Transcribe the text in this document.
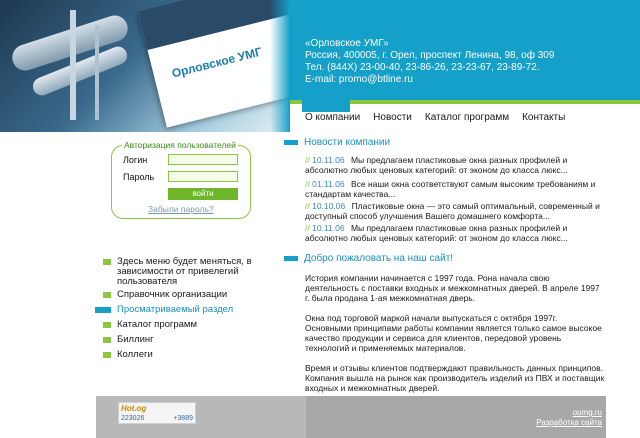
Орловское УМГ
«Орловское УМГ»
Россия, 400005, г. Орел, проспект Ленина, 98, оф 309
Тел. (844X) 23-00-40, 23-86-26, 23-23-67, 23-89-72.
E-mail: promo@btline.ru
О компании Новости Каталог программ Контакты
Авторизация пользователей
Логин
Пароль
войти
Забыли пароль?
Здесь меню будет меняться, в зависимости от привелегий пользователя
Справочник организации
Просматриваемый раздел
Каталог программ
Биллинг
Коллеги
Новости компании
// 10.11.06 Мы предлагаем пластиковые окна разных профилей и абсолютно любых ценовых категорий: от эконом до класса люкс...
// 01.11.06 Все наши окна соответствуют самым высоким требованиям и стандартам качества...
// 10.10.06 Пластиковые окна — это самый оптимальный, современный и доступный способ улучшения Вашего домашнего комфорта...
// 10.11.06 Мы предлагаем пластиковые окна разных профилей и абсолютно любых ценовых категорий: от эконом до класса люкс...
Добро пожаловать на наш сайт!
История компании начинается с 1997 года. Рона начала свою деятельность с поставки входных и межкомнатных дверей. В апреле 1997 г. была продана 1-ая межкомнатная дверь.
Окна под торговой маркой начали выпускаться с октября 1997г. Основными принципами работы компании является только самое высокое качество продукции и сервиса для клиентов, передовой уровень технологий и применяемых материалов.
Время и отзывы клиентов подтверждают правильность данных принципов. Компания вышла на рынок как производитель изделий из ПВХ и поставщик входных и межкомнатных дверей.
Hot.og
223026	+3889
oumg.ru
Разработка сайта
